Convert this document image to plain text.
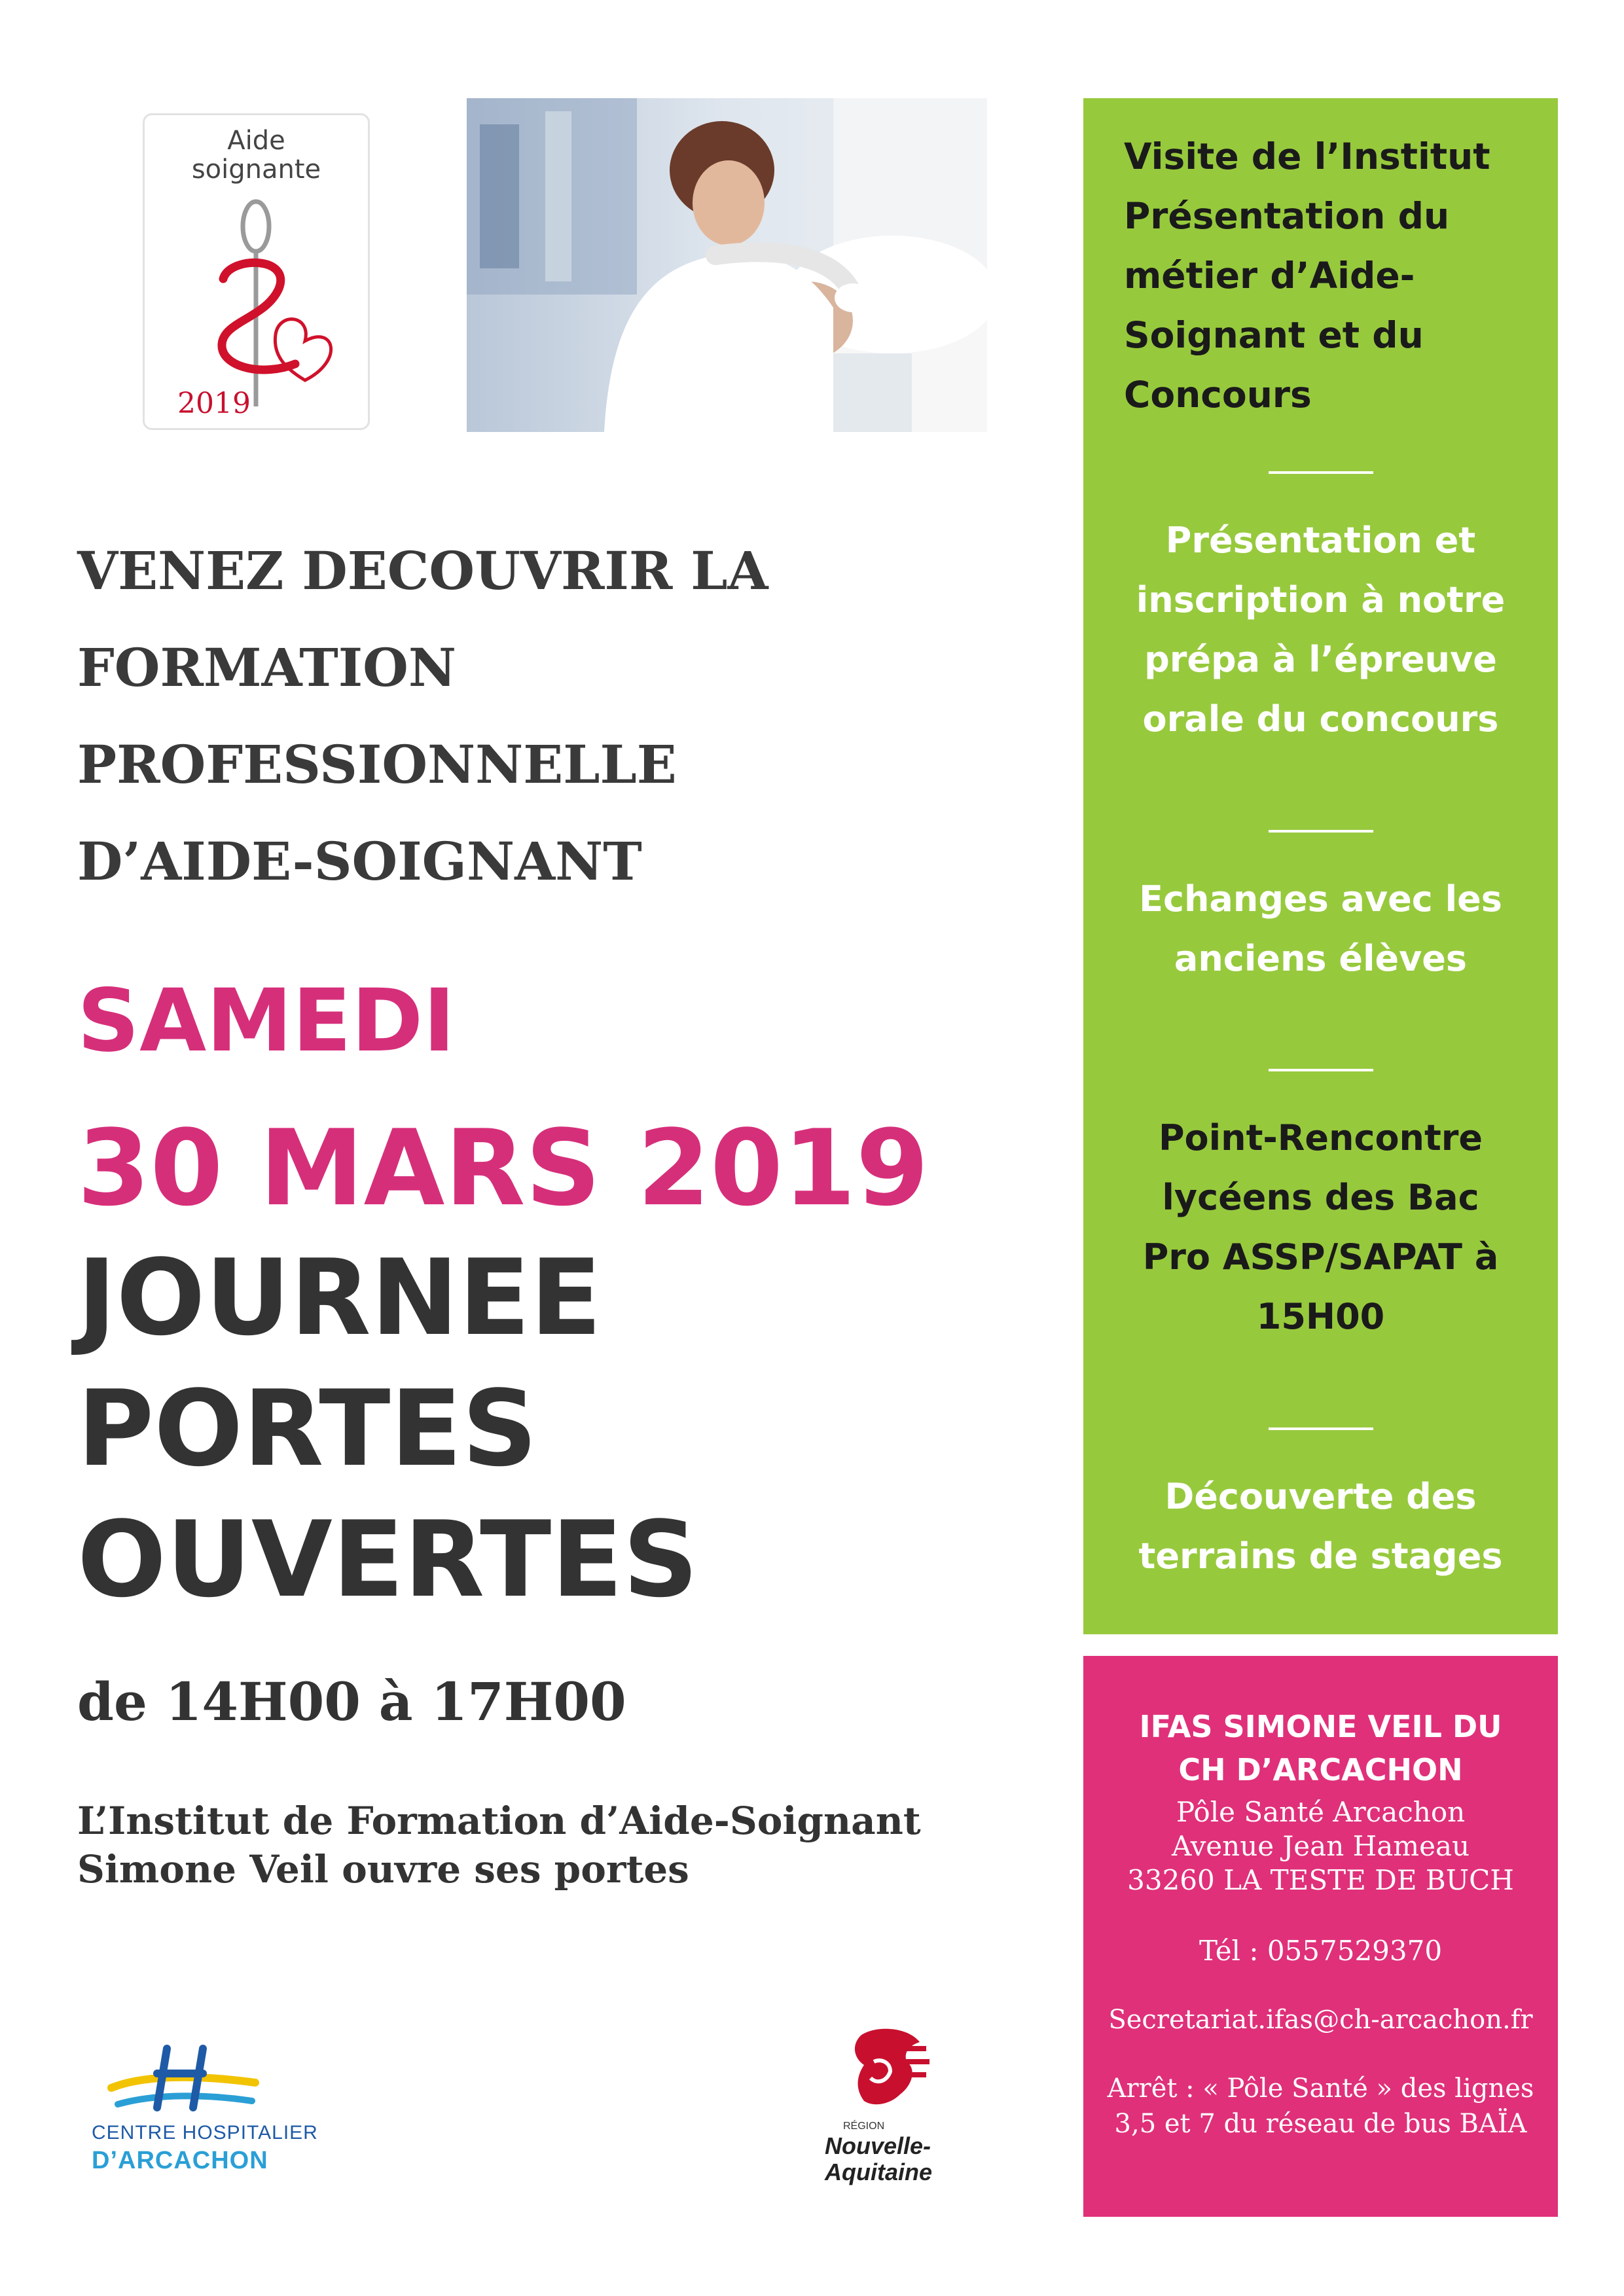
Aide
soignante
2019
VENEZ DECOUVRIR LA
FORMATION
PROFESSIONNELLE
D’AIDE-SOIGNANT
SAMEDI
30 MARS 2019
JOURNEE
PORTES
OUVERTES
de 14H00 à 17H00
L’Institut de Formation d’Aide-Soignant
Simone Veil ouvre ses portes
Visite de l’Institut
Présentation du
métier d’Aide-
Soignant et du
Concours
Présentation et
inscription à notre
prépa à l’épreuve
orale du concours
Echanges avec les
anciens élèves
Point-Rencontre
lycéens des Bac
Pro ASSP/SAPAT à
15H00
Découverte des
terrains de stages
IFAS SIMONE VEIL DU
CH D’ARCACHON
Pôle Santé Arcachon
Avenue Jean Hameau
33260 LA TESTE DE BUCH
Tél : 0557529370
Secretariat.ifas@ch-arcachon.fr
Arrêt : « Pôle Santé » des lignes
3,5 et 7 du réseau de bus BAÏA
CENTRE HOSPITALIER
D’ARCACHON
RÉGION
Nouvelle-
Aquitaine
